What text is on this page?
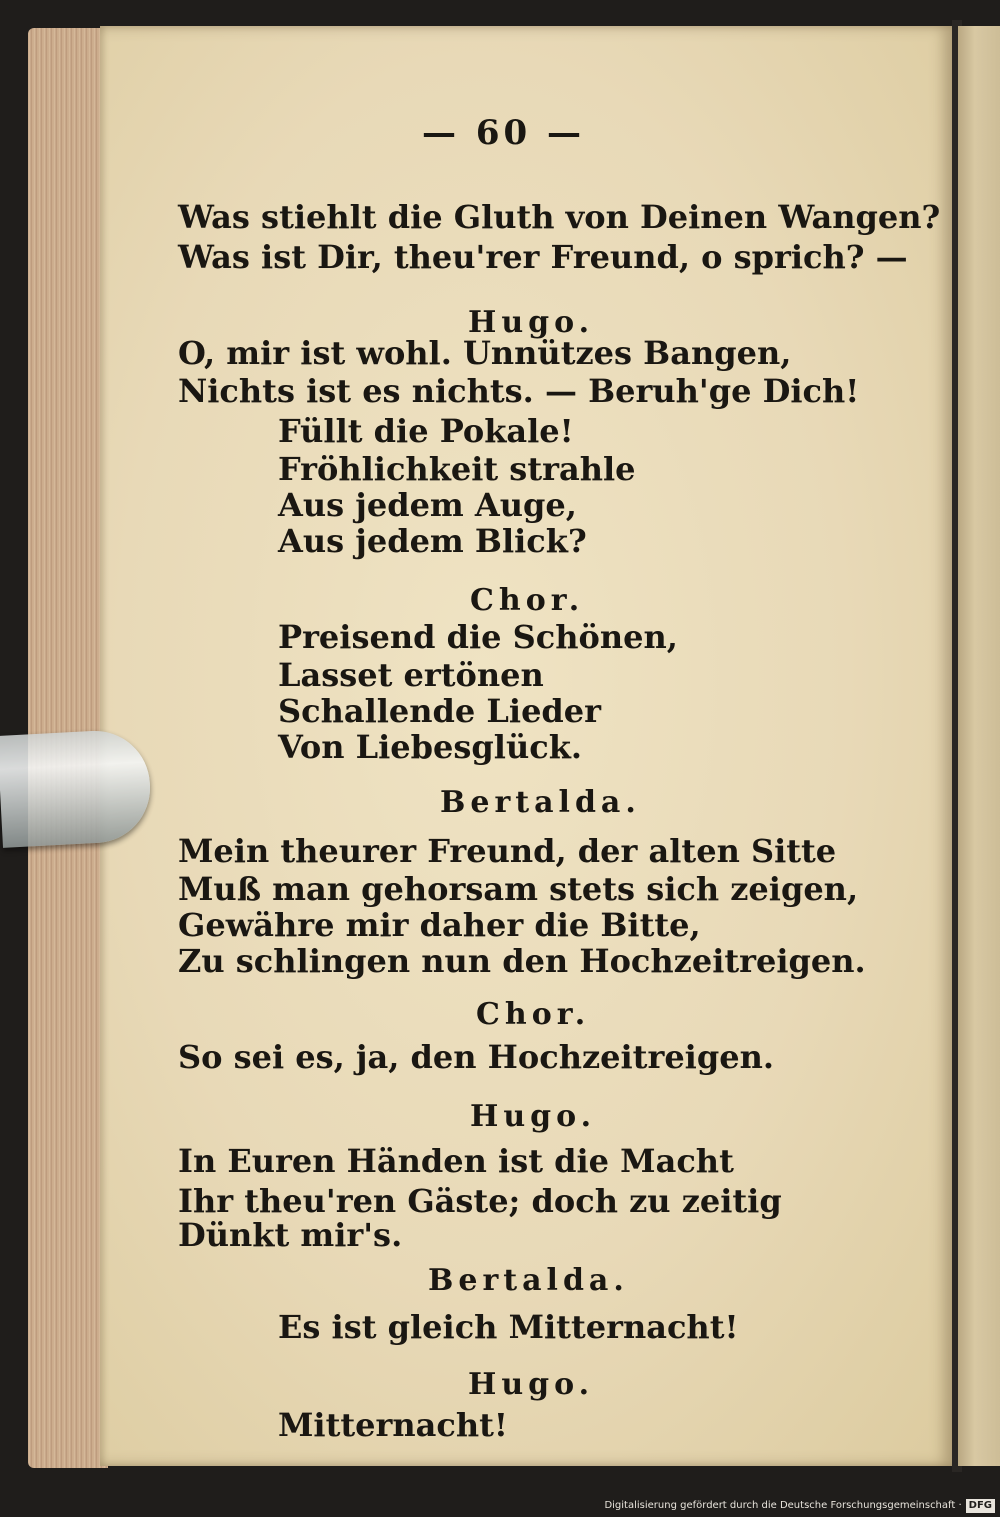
— 60 —
Was stiehlt die Gluth von Deinen Wangen?
Was ist Dir, theu'rer Freund, o sprich? —
Hugo.
O, mir ist wohl. Unnützes Bangen,
Nichts ist es nichts. — Beruh'ge Dich!
Füllt die Pokale!
Fröhlichkeit strahle
Aus jedem Auge,
Aus jedem Blick?
Chor.
Preisend die Schönen,
Lasset ertönen
Schallende Lieder
Von Liebesglück.
Bertalda.
Mein theurer Freund, der alten Sitte
Muß man gehorsam stets sich zeigen,
Gewähre mir daher die Bitte,
Zu schlingen nun den Hochzeitreigen.
Chor.
So sei es, ja, den Hochzeitreigen.
Hugo.
In Euren Händen ist die Macht
Ihr theu'ren Gäste; doch zu zeitig
Dünkt mir's.
Bertalda.
Es ist gleich Mitternacht!
Hugo.
Mitternacht!
Digitalisierung gefördert durch die Deutsche Forschungsgemeinschaft · DFG
